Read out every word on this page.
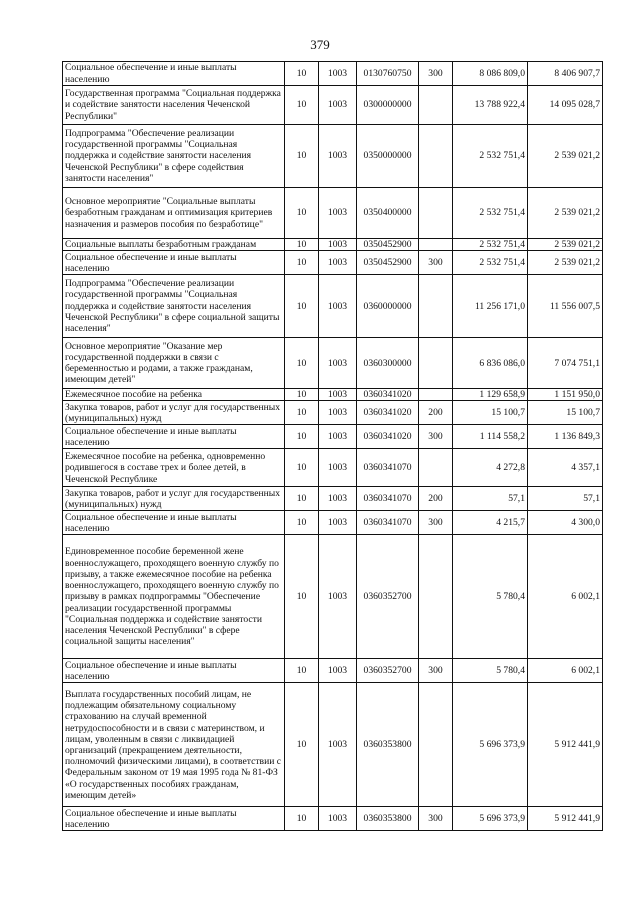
379
Социальное обеспечение и иные выплаты населению	10	1003	0130760750	300	8 086 809,0	8 406 907,7
Государственная программа "Социальная поддержка и содействие занятости населения Чеченской Республики"	10	1003	0300000000		13 788 922,4	14 095 028,7
Подпрограмма "Обеспечение реализации государственной программы "Социальная поддержка и содействие занятости населения Чеченской Республики" в сфере содействия занятости населения"	10	1003	0350000000		2 532 751,4	2 539 021,2
Основное мероприятие "Социальные выплаты безработным гражданам и оптимизация критериев назначения и размеров пособия по безработице"	10	1003	0350400000		2 532 751,4	2 539 021,2
Социальные выплаты безработным гражданам	10	1003	0350452900		2 532 751,4	2 539 021,2
Социальное обеспечение и иные выплаты населению	10	1003	0350452900	300	2 532 751,4	2 539 021,2
Подпрограмма "Обеспечение реализации государственной программы "Социальная поддержка и содействие занятости населения Чеченской Республики" в сфере социальной защиты населения"	10	1003	0360000000		11 256 171,0	11 556 007,5
Основное мероприятие "Оказание мер государственной поддержки в связи с беременностью и родами, а также гражданам, имеющим детей"	10	1003	0360300000		6 836 086,0	7 074 751,1
Ежемесячное пособие на ребенка	10	1003	0360341020		1 129 658,9	1 151 950,0
Закупка товаров, работ и услуг для государственных (муниципальных) нужд	10	1003	0360341020	200	15 100,7	15 100,7
Социальное обеспечение и иные выплаты населению	10	1003	0360341020	300	1 114 558,2	1 136 849,3
Ежемесячное пособие на ребенка, одновременно родившегося в составе трех и более детей, в Чеченской Республике	10	1003	0360341070		4 272,8	4 357,1
Закупка товаров, работ и услуг для государственных (муниципальных) нужд	10	1003	0360341070	200	57,1	57,1
Социальное обеспечение и иные выплаты населению	10	1003	0360341070	300	4 215,7	4 300,0
Единовременное пособие беременной жене военнослужащего, проходящего военную службу по призыву, а также ежемесячное пособие на ребенка военнослужащего, проходящего военную службу по призыву в рамках подпрограммы "Обеспечение реализации государственной программы "Социальная поддержка и содействие занятости населения Чеченской Республики" в сфере социальной защиты населения"	10	1003	0360352700		5 780,4	6 002,1
Социальное обеспечение и иные выплаты населению	10	1003	0360352700	300	5 780,4	6 002,1
Выплата государственных пособий лицам, не подлежащим обязательному социальному страхованию на случай временной нетрудоспособности и в связи с материнством, и лицам, уволенным в связи с ликвидацией организаций (прекращением деятельности, полномочий физическими лицами), в соответствии с Федеральным законом от 19 мая 1995 года № 81-ФЗ «О государственных пособиях гражданам, имеющим детей»	10	1003	0360353800		5 696 373,9	5 912 441,9
Социальное обеспечение и иные выплаты населению	10	1003	0360353800	300	5 696 373,9	5 912 441,9
